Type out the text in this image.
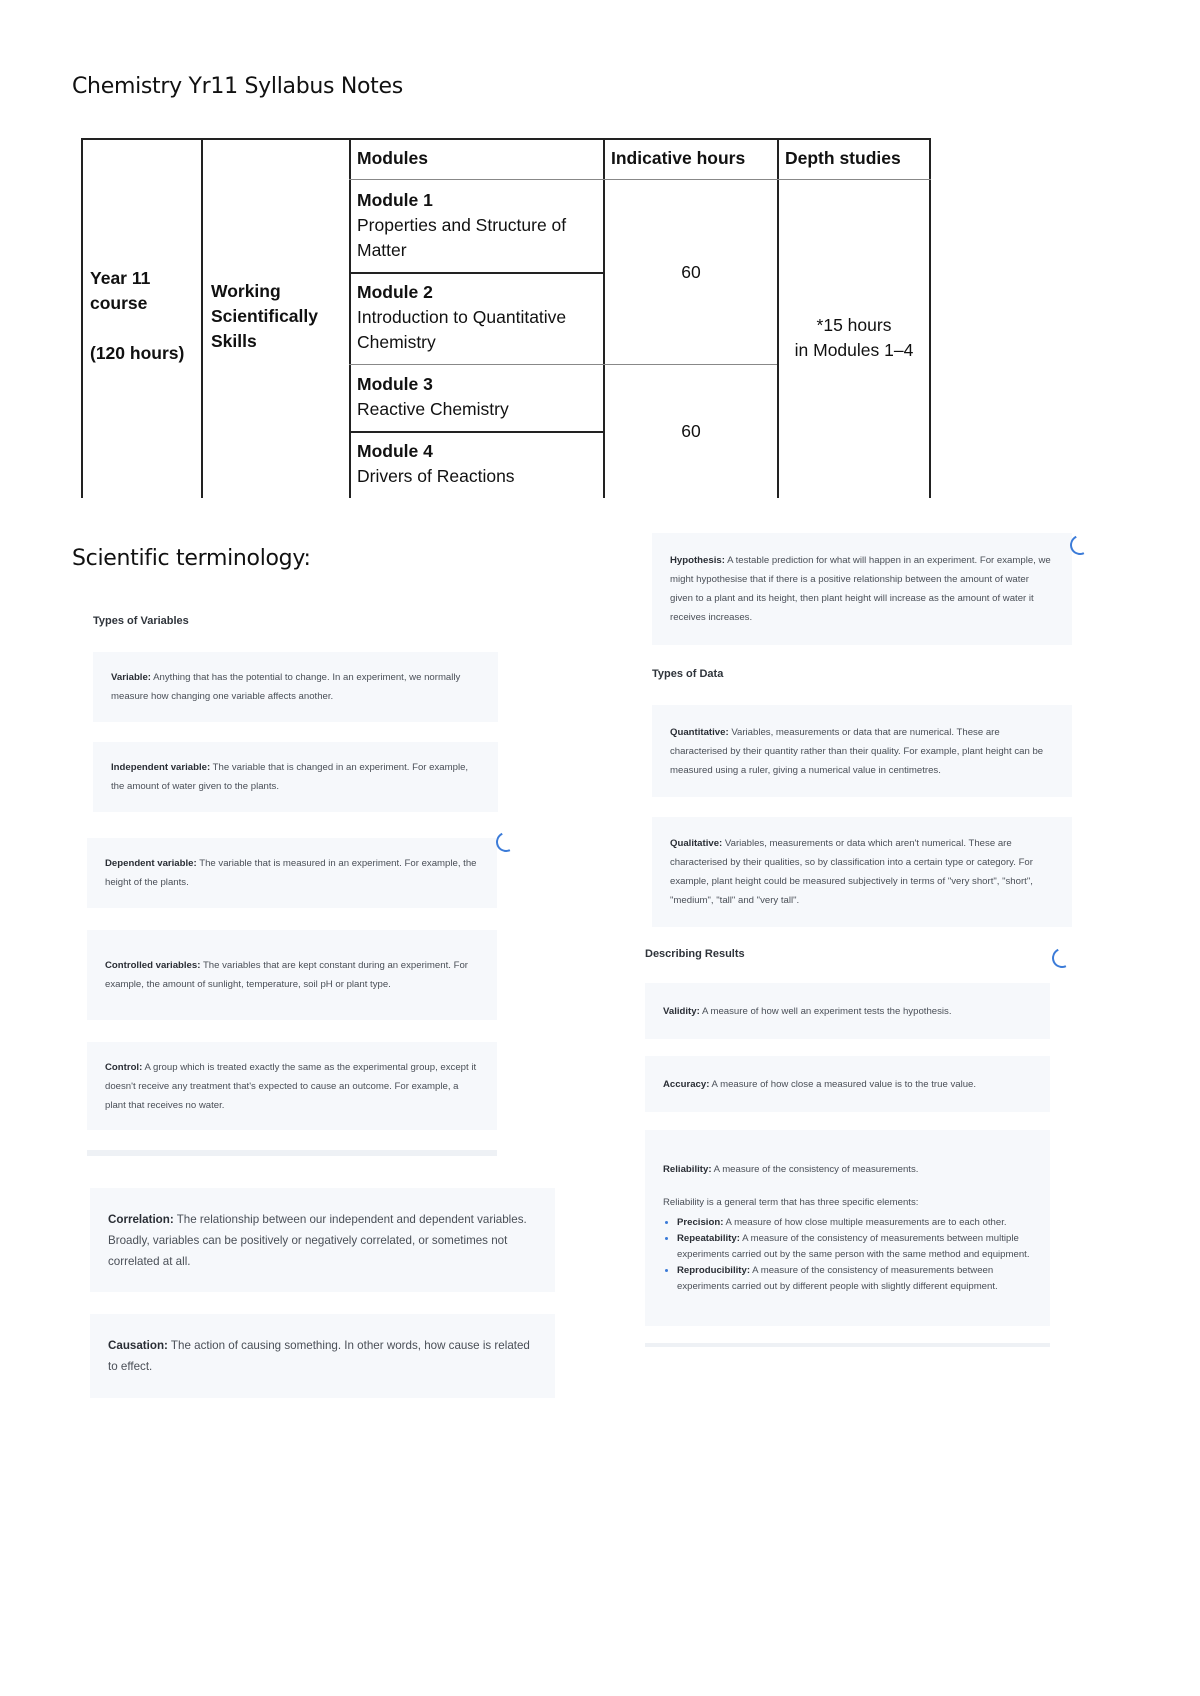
Chemistry Yr11 Syllabus Notes
Year 11
course
(120 hours)
Working
Scientifically
Skills
Modules	Indicative hours Depth studies
Module 1
Properties and Structure of
Matter
Module 2
Introduction to Quantitative
Chemistry
Module 3
Reactive Chemistry
Module 4
Drivers of Reactions
60
60
*15 hours
in Modules 1–4
Scientific terminology:
Types of Variables
Variable: Anything that has the potential to change. In an experiment, we normally measure how changing one variable affects another.
Independent variable: The variable that is changed in an experiment. For example, the amount of water given to the plants.
Dependent variable: The variable that is measured in an experiment. For example, the height of the plants.
Controlled variables: The variables that are kept constant during an experiment. For example, the amount of sunlight, temperature, soil pH or plant type.
Control: A group which is treated exactly the same as the experimental group, except it doesn't receive any treatment that's expected to cause an outcome. For example, a plant that receives no water.
Correlation: The relationship between our independent and dependent variables. Broadly, variables can be positively or negatively correlated, or sometimes not correlated at all.
Causation: The action of causing something. In other words, how cause is related to effect.
Hypothesis: A testable prediction for what will happen in an experiment. For example, we might hypothesise that if there is a positive relationship between the amount of water given to a plant and its height, then plant height will increase as the amount of water it receives increases.
Types of Data
Quantitative: Variables, measurements or data that are numerical. These are characterised by their quantity rather than their quality. For example, plant height can be measured using a ruler, giving a numerical value in centimetres.
Qualitative: Variables, measurements or data which aren't numerical. These are characterised by their qualities, so by classification into a certain type or category. For example, plant height could be measured subjectively in terms of "very short", "short", "medium", "tall" and "very tall".
Describing Results
Validity: A measure of how well an experiment tests the hypothesis.
Accuracy: A measure of how close a measured value is to the true value.
Reliability: A measure of the consistency of measurements.
Reliability is a general term that has three specific elements:
• Precision: A measure of how close multiple measurements are to each other.
• Repeatability: A measure of the consistency of measurements between multiple experiments carried out by the same person with the same method and equipment.
• Reproducibility: A measure of the consistency of measurements between experiments carried out by different people with slightly different equipment.
